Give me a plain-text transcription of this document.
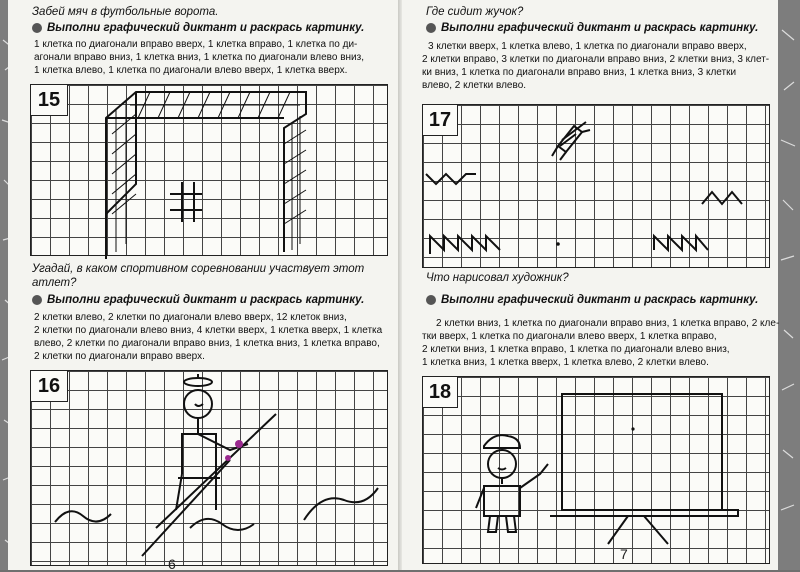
Забей мяч в футбольные ворота.
Выполни графический диктант и раскрась картинку.
1 клетка по диагонали вправо вверх, 1 клетка вправо, 1 клетка по ди-
агонали вправо вниз, 1 клетка вниз, 1 клетка по диагонали влево вниз,
1 клетка влево, 1 клетка по диагонали влево вверх, 1 клетка вверх.
15
Угадай, в каком спортивном соревновании участвует этот атлет?
Выполни графический диктант и раскрась картинку.
2 клетки влево, 2 клетки по диагонали влево вверх, 12 клеток вниз,
2 клетки по диагонали влево вниз, 4 клетки вверх, 1 клетка вверх, 1 клетка
влево, 2 клетки по диагонали вправо вниз, 1 клетка вниз, 1 клетка вправо,
2 клетки по диагонали вправо вверх.
16
6
Где сидит жучок?
Выполни графический диктант и раскрась картинку.
3 клетки вверх, 1 клетка влево, 1 клетка по диагонали вправо вверх,
2 клетки вправо, 3 клетки по диагонали вправо вниз, 2 клетки вниз, 3 клет-
ки вниз, 1 клетка по диагонали вправо вниз, 1 клетка вниз, 3 клетки
влево, 2 клетки влево.
17
Что нарисовал художник?
Выполни графический диктант и раскрась картинку.
2 клетки вниз, 1 клетка по диагонали вправо вниз, 1 клетка вправо, 2 кле-
тки вверх, 1 клетка по диагонали влево вверх, 1 клетка вправо,
2 клетки вниз, 1 клетка вправо, 1 клетка по диагонали влево вниз,
1 клетка вниз, 1 клетка вверх, 1 клетка влево, 2 клетки влево.
18
7
